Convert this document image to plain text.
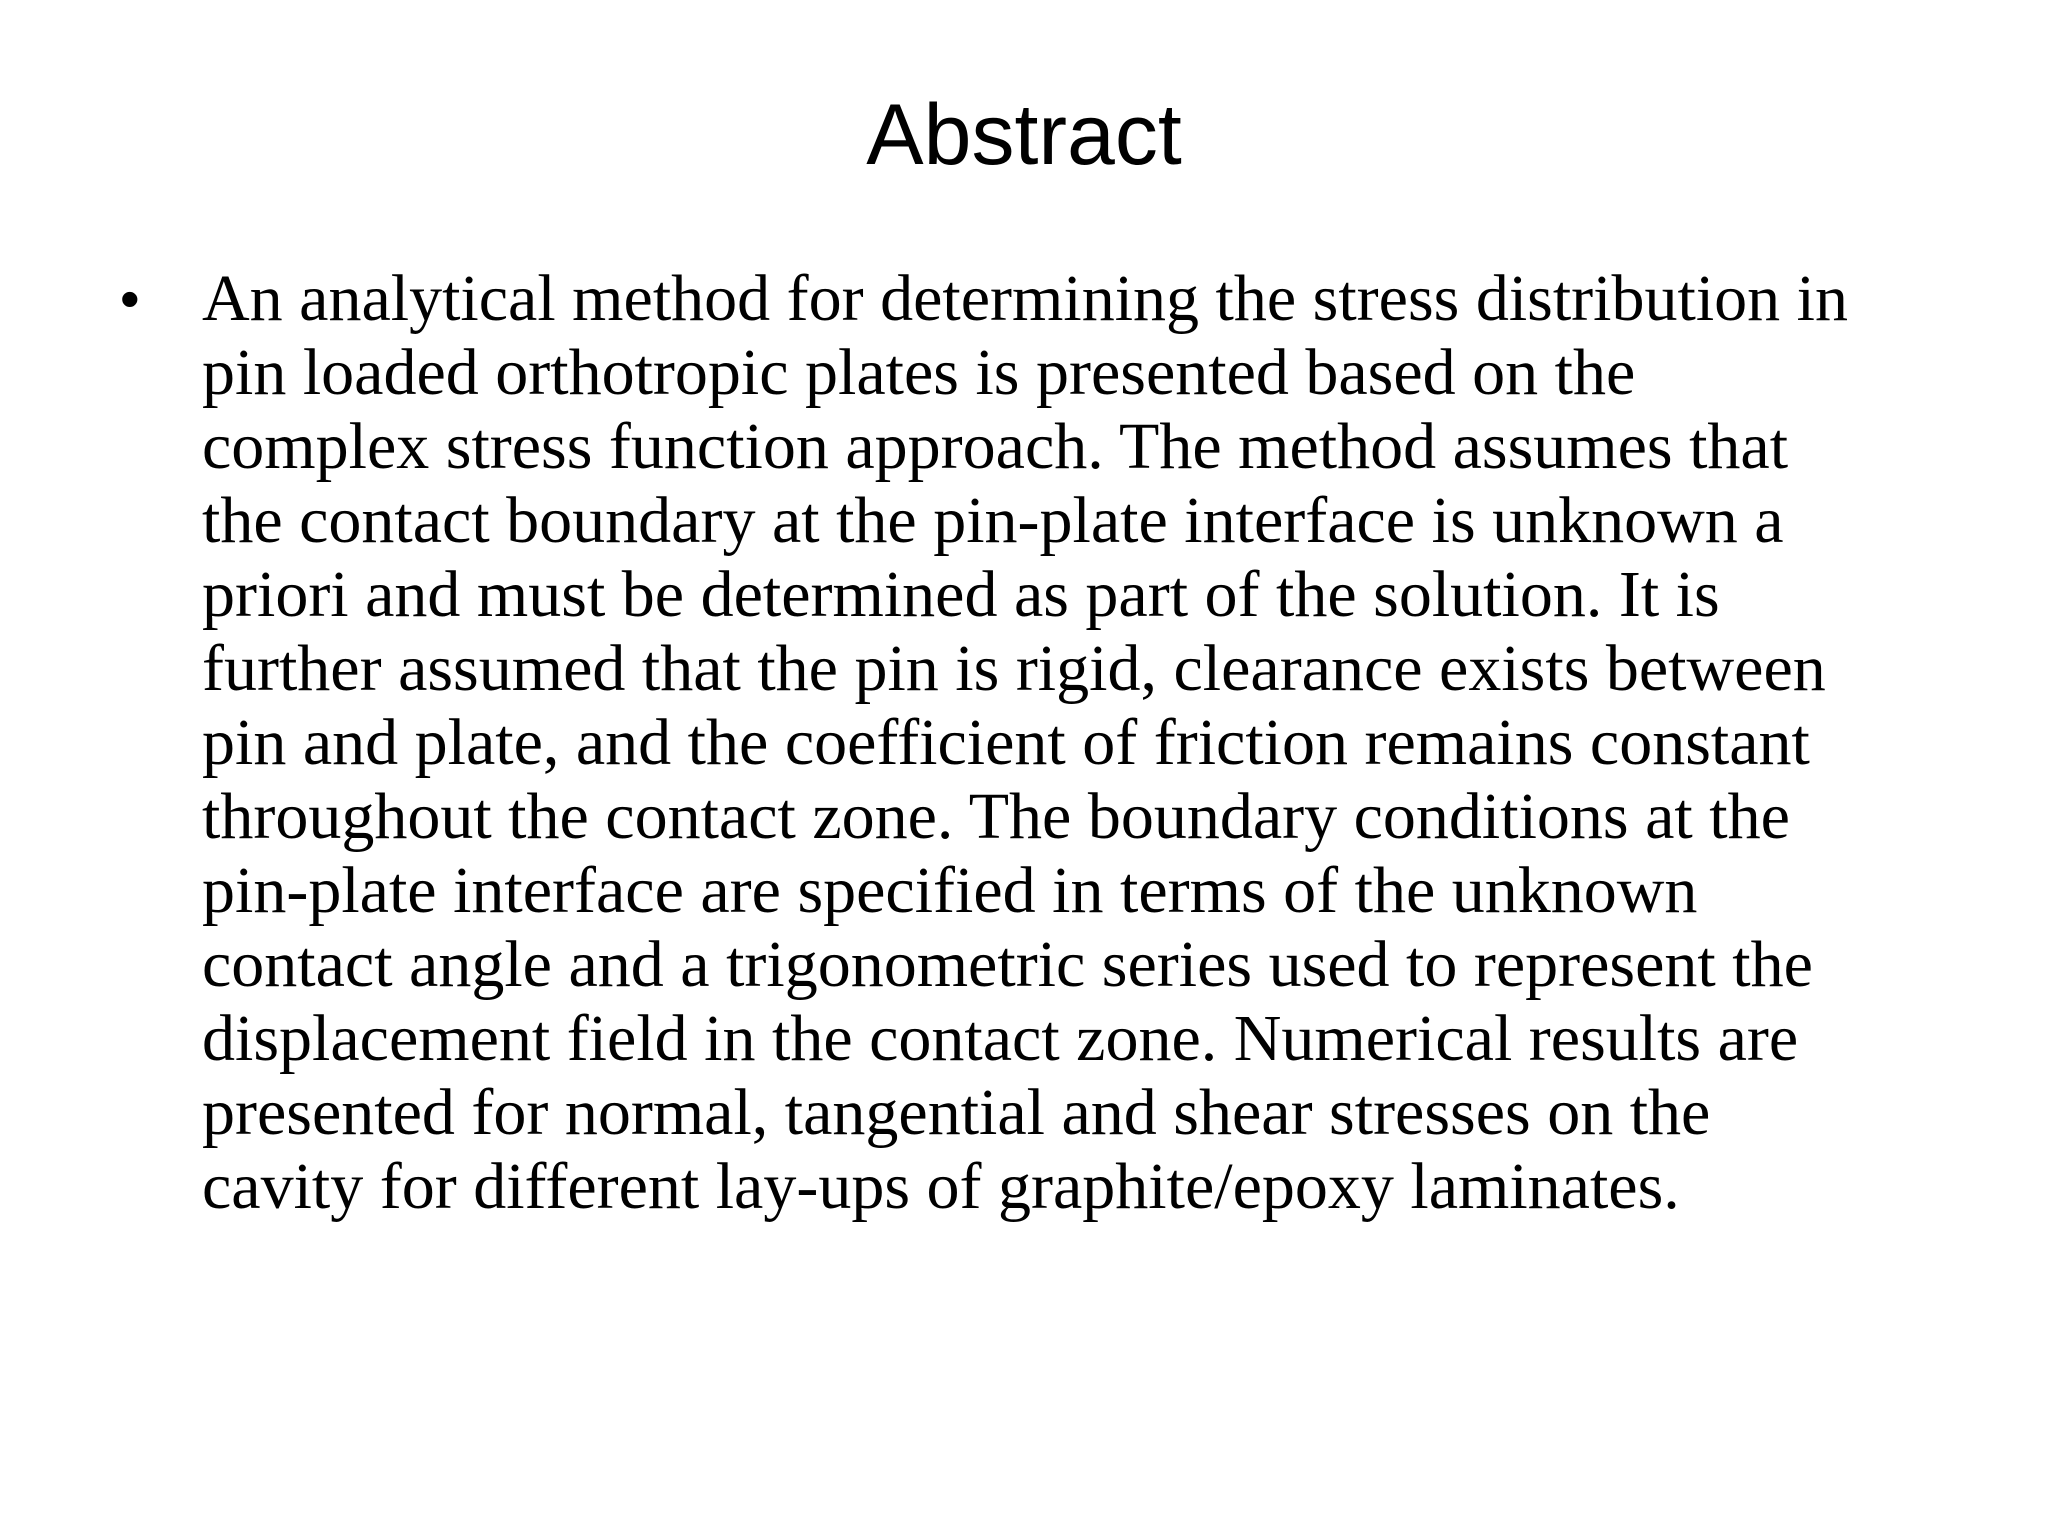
Abstract
• An analytical method for determining the stress distribution in
pin loaded orthotropic plates is presented based on the
complex stress function approach. The method assumes that
the contact boundary at the pin-plate interface is unknown a
priori and must be determined as part of the solution. It is
further assumed that the pin is rigid, clearance exists between
pin and plate, and the coefficient of friction remains constant
throughout the contact zone. The boundary conditions at the
pin-plate interface are specified in terms of the unknown
contact angle and a trigonometric series used to represent the
displacement field in the contact zone. Numerical results are
presented for normal, tangential and shear stresses on the
cavity for different lay-ups of graphite/epoxy laminates.
